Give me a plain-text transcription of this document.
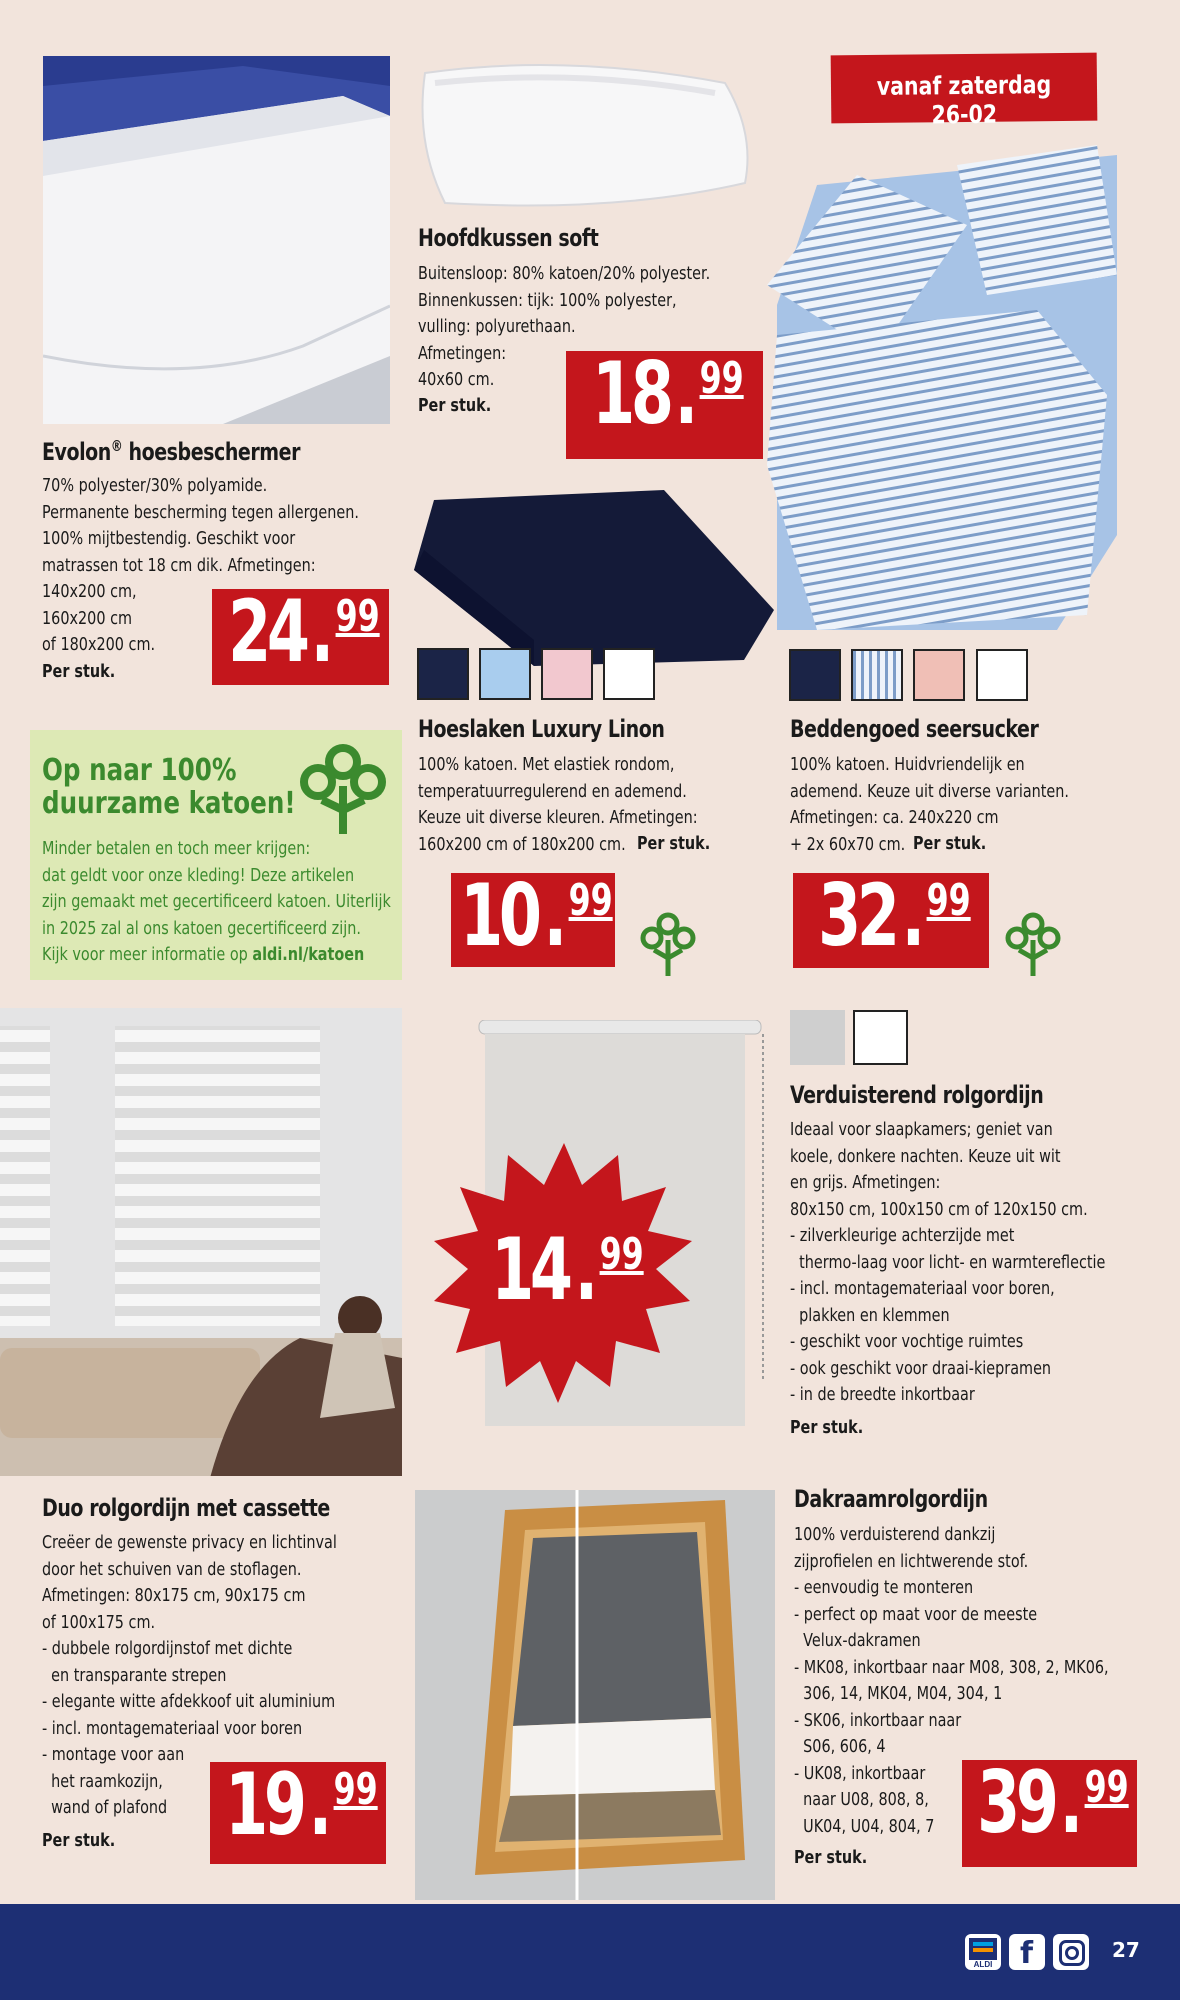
vanaf zaterdag 26-02
Evolon® hoesbeschermer
70% polyester/30% polyamide.
Permanente bescherming tegen allergenen.
100% mijtbestendig. Geschikt voor
matrassen tot 18 cm dik. Afmetingen:
140x200 cm,
160x200 cm
of 180x200 cm.
Per stuk. 24 . 99
Hoofdkussen soft
Buitensloop: 80% katoen/20% polyester.
Binnenkussen: tijk: 100% polyester,
vulling: polyurethaan.
Afmetingen:
40x60 cm.
Per stuk. 18 . 99
Hoeslaken Luxury Linon
100% katoen. Met elastiek rondom,
temperatuurregulerend en ademend.
Keuze uit diverse kleuren. Afmetingen:
160x200 cm of 180x200 cm. Per stuk.
10 . 99
Beddengoed seersucker
100% katoen. Huidvriendelijk en
ademend. Keuze uit diverse varianten.
Afmetingen: ca. 240x220 cm
+ 2x 60x70 cm. Per stuk.
32 . 99
Op naar 100%
duurzame katoen!
Minder betalen en toch meer krijgen:
dat geldt voor onze kleding! Deze artikelen
zijn gemaakt met gecertificeerd katoen. Uiterlijk
in 2025 zal al ons katoen gecertificeerd zijn.
Kijk voor meer informatie op aldi.nl/katoen
14 . 99
Verduisterend rolgordijn
Ideaal voor slaapkamers; geniet van
koele, donkere nachten. Keuze uit wit
en grijs. Afmetingen:
80x150 cm, 100x150 cm of 120x150 cm.
- zilverkleurige achterzijde met
thermo-laag voor licht- en warmtereflectie
- incl. montagemateriaal voor boren,
plakken en klemmen
- geschikt voor vochtige ruimtes
- ook geschikt voor draai-kiepramen
- in de breedte inkortbaar
Per stuk.
Duo rolgordijn met cassette
Creëer de gewenste privacy en lichtinval
door het schuiven van de stoflagen.
Afmetingen: 80x175 cm, 90x175 cm
of 100x175 cm.
- dubbele rolgordijnstof met dichte
en transparante strepen
- elegante witte afdekkoof uit aluminium
- incl. montagemateriaal voor boren
- montage voor aan
het raamkozijn,
wand of plafond
Per stuk. 19 . 99
Dakraamrolgordijn
100% verduisterend dankzij
zijprofielen en lichtwerende stof.
- eenvoudig te monteren
- perfect op maat voor de meeste
Velux-dakramen
- MK08, inkortbaar naar M08, 308, 2, MK06,
306, 14, MK04, M04, 304, 1
- SK06, inkortbaar naar
S06, 606, 4
- UK08, inkortbaar
naar U08, 808, 8,
UK04, U04, 804, 7
Per stuk.
39 . 99
ALDI f	27
